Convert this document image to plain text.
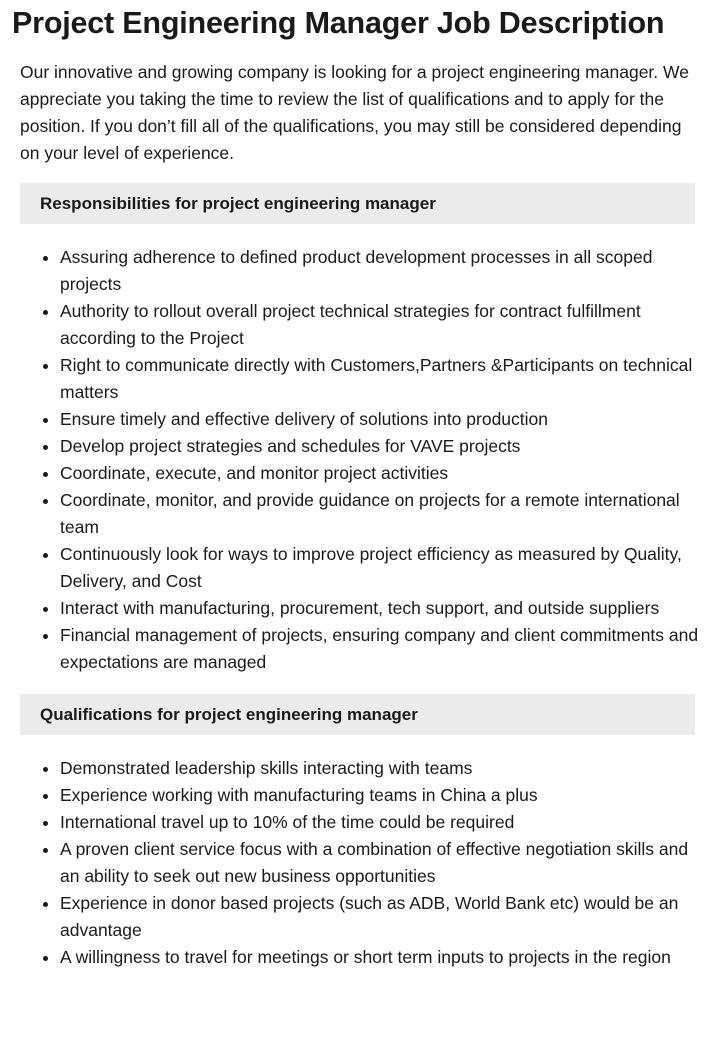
Project Engineering Manager Job Description

Our innovative and growing company is looking for a project engineering manager. We appreciate you taking the time to review the list of qualifications and to apply for the position. If you don’t fill all of the qualifications, you may still be considered depending on your level of experience.

Responsibilities for project engineering manager
• Assuring adherence to defined product development processes in all scoped projects
• Authority to rollout overall project technical strategies for contract fulfillment according to the Project
• Right to communicate directly with Customers,Partners &Participants on technical matters
• Ensure timely and effective delivery of solutions into production
• Develop project strategies and schedules for VAVE projects
• Coordinate, execute, and monitor project activities
• Coordinate, monitor, and provide guidance on projects for a remote international team
• Continuously look for ways to improve project efficiency as measured by Quality, Delivery, and Cost
• Interact with manufacturing, procurement, tech support, and outside suppliers
• Financial management of projects, ensuring company and client commitments and expectations are managed
Qualifications for project engineering manager
• Demonstrated leadership skills interacting with teams
• Experience working with manufacturing teams in China a plus
• International travel up to 10% of the time could be required
• A proven client service focus with a combination of effective negotiation skills and an ability to seek out new business opportunities
• Experience in donor based projects (such as ADB, World Bank etc) would be an advantage
• A willingness to travel for meetings or short term inputs to projects in the region
